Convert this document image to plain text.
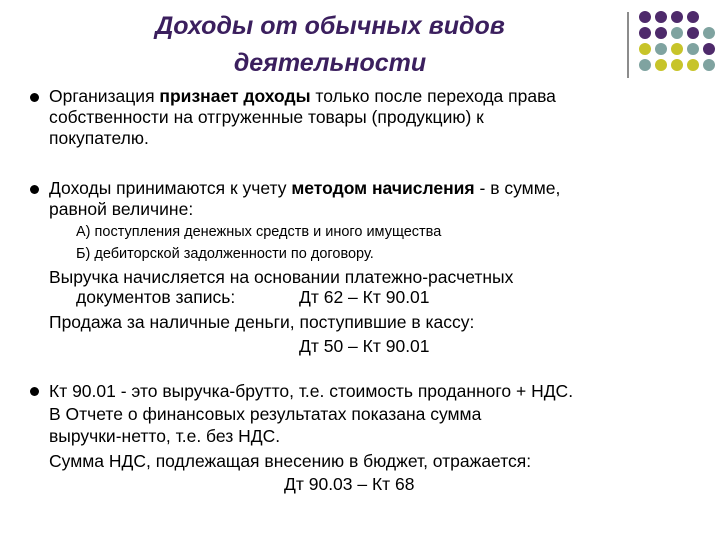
Доходы от обычных видов
деятельности
Организация признает доходы только после перехода права
собственности на отгруженные товары (продукцию) к
покупателю.
Доходы принимаются к учету методом начисления - в сумме,
равной величине:
А) поступления денежных средств и иного имущества
Б) дебиторской задолженности по договору.
Выручка начисляется на основании платежно-расчетных
документов запись:	Дт 62 – Кт 90.01
Продажа за наличные деньги, поступившие в кассу:
Дт 50 – Кт 90.01
Кт 90.01 - это выручка-брутто, т.е. стоимость проданного + НДС.
В Отчете о финансовых результатах показана сумма
выручки-нетто, т.е. без НДС.
Сумма НДС, подлежащая внесению в бюджет, отражается:
Дт 90.03 – Кт 68
